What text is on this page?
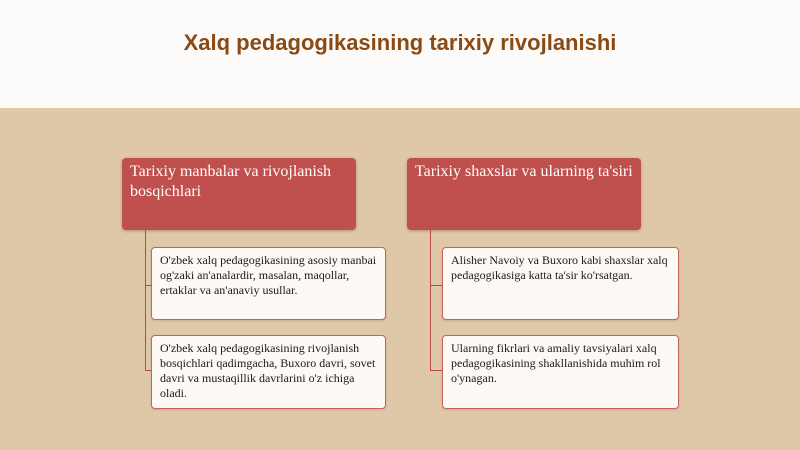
Xalq pedagogikasining tarixiy rivojlanishi
Tarixiy manbalar va rivojlanish bosqichlari
O'zbek xalq pedagogikasining asosiy manbai og'zaki an'analardir, masalan, maqollar, ertaklar va an'anaviy usullar.
O'zbek xalq pedagogikasining rivojlanish bosqichlari qadimgacha, Buxoro davri, sovet davri va mustaqillik davrlarini o'z ichiga oladi.
Tarixiy shaxslar va ularning ta'siri
Alisher Navoiy va Buxoro kabi shaxslar xalq pedagogikasiga katta ta'sir ko'rsatgan.
Ularning fikrlari va amaliy tavsiyalari xalq pedagogikasining shakllanishida muhim rol o'ynagan.
